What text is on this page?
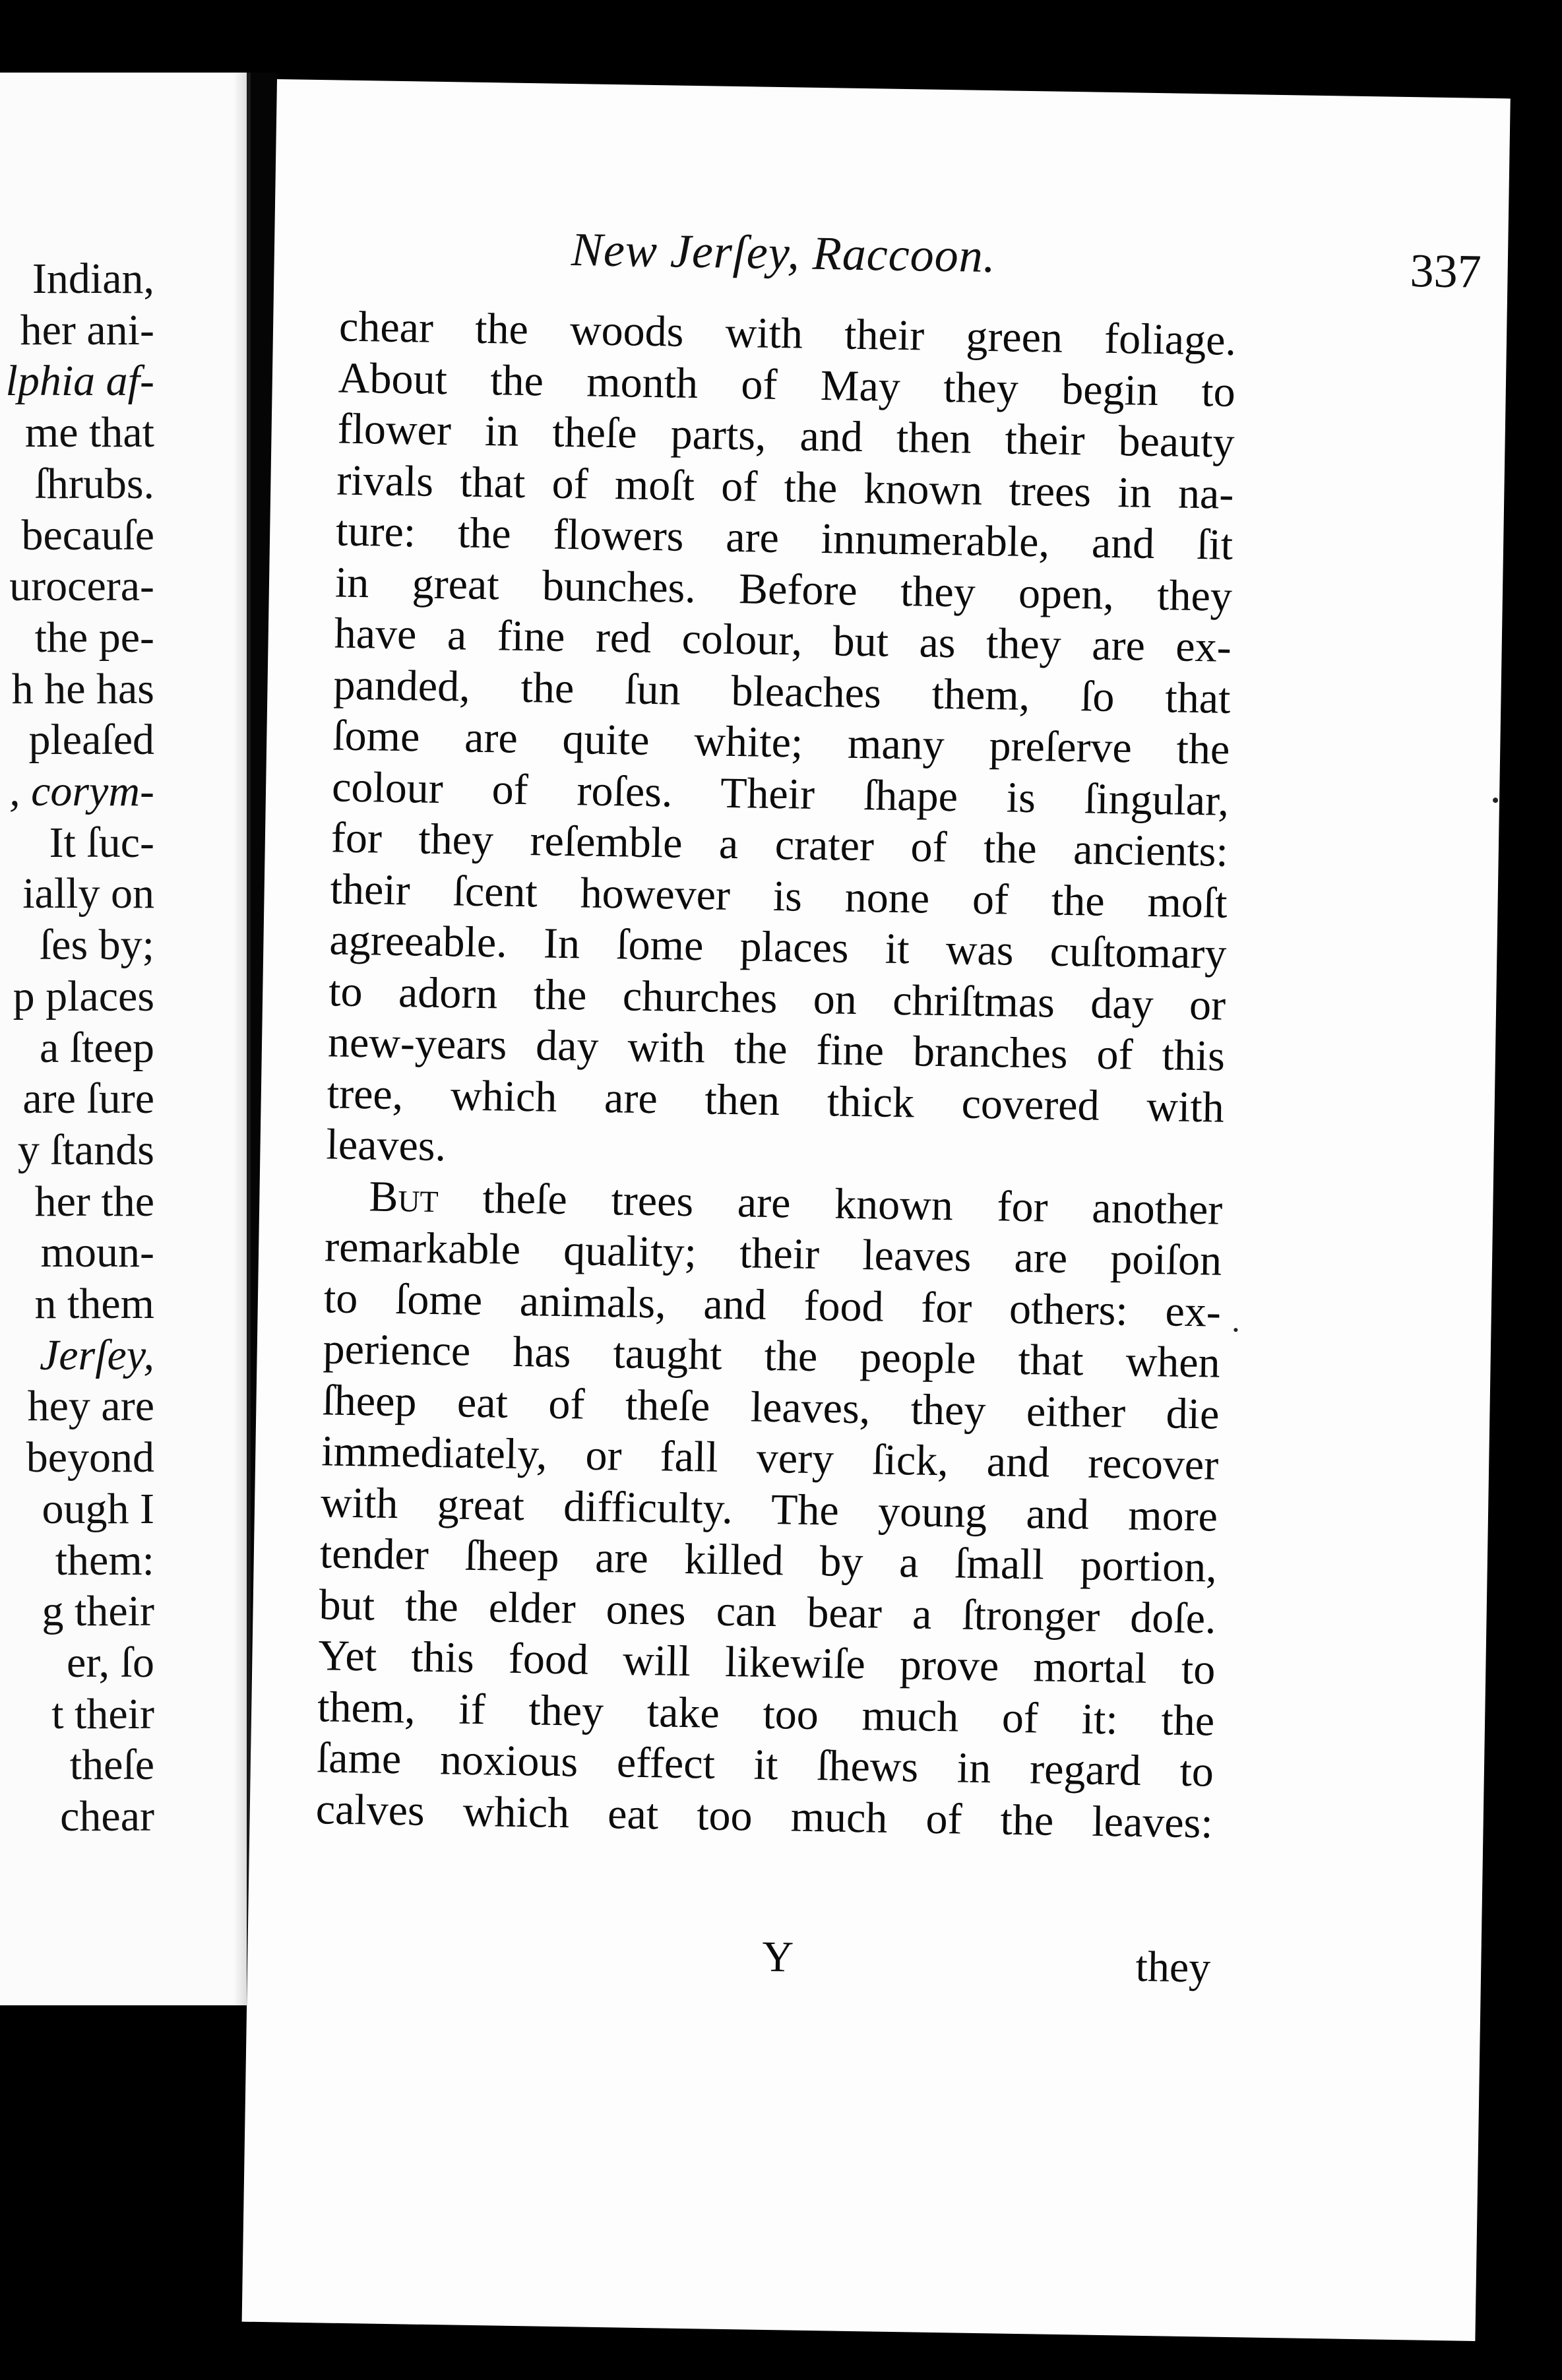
Indian,
her ani-
lphia af-
me that
ſhrubs.
becauſe
urocera-
the pe-
h he has
pleaſed
, corym-
It ſuc-
ially on
ſes by;
p places
a ſteep
are ſure
y ſtands
her the
moun-
n them
Jerſey,
hey are
beyond
ough I
them:
g their
er, ſo
t their
theſe
chear
New Jerſey, Raccoon.	337
chear the woods with their green foliage.
About the month of May they begin to
flower in theſe parts, and then their beauty
rivals that of moſt of the known trees in na-
ture: the flowers are innumerable, and ſit
in great bunches. Before they open, they
have a fine red colour, but as they are ex-
panded, the ſun bleaches them, ſo that
ſome are quite white; many preſerve the
colour of roſes. Their ſhape is ſingular,
for they reſemble a crater of the ancients:
their ſcent however is none of the moſt
agreeable. In ſome places it was cuſtomary
to adorn the churches on chriſtmas day or
new-years day with the fine branches of this
tree, which are then thick covered with
leaves.
But theſe trees are known for another
remarkable quality; their leaves are poiſon
to ſome animals, and food for others: ex-
perience has taught the people that when
ſheep eat of theſe leaves, they either die
immediately, or fall very ſick, and recover
with great difficulty. The young and more
tender ſheep are killed by a ſmall portion,
but the elder ones can bear a ſtronger doſe.
Yet this food will likewiſe prove mortal to
them, if they take too much of it: the
ſame noxious effect it ſhews in regard to
calves which eat too much of the leaves:
Y	they
